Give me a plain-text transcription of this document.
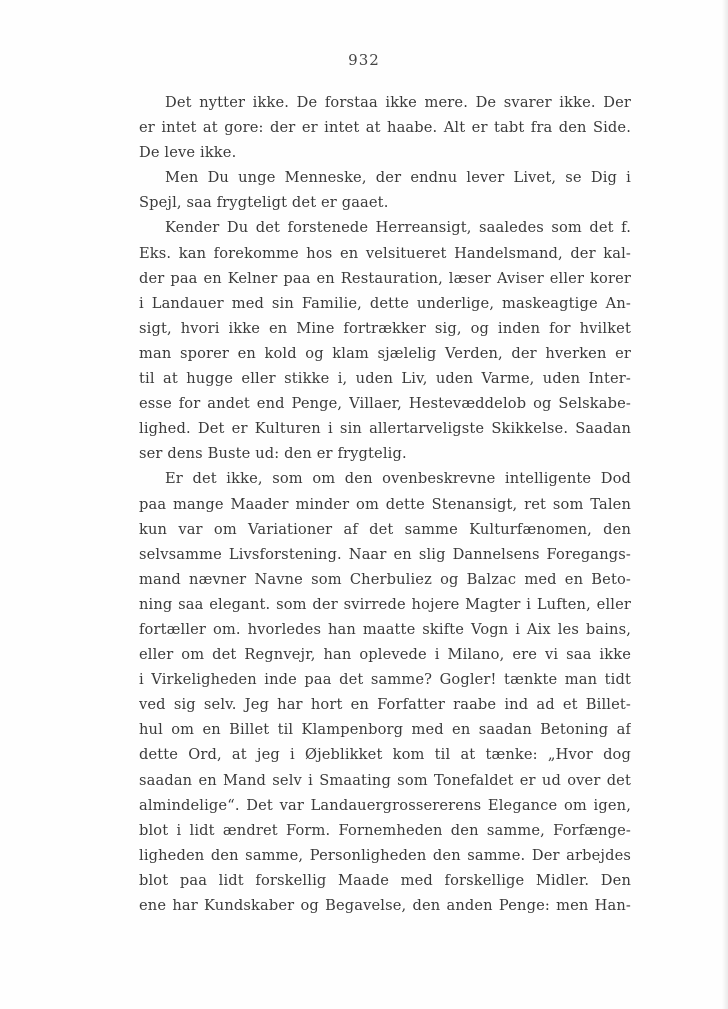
932
Det nytter ikke. De forstaa ikke mere. De svarer ikke. Der
er intet at gore: der er intet at haabe. Alt er tabt fra den Side.
De leve ikke.
Men Du unge Menneske, der endnu lever Livet, se Dig i
Spejl, saa frygteligt det er gaaet.
Kender Du det forstenede Herreansigt, saaledes som det f.
Eks. kan forekomme hos en velsitueret Handelsmand, der kal-
der paa en Kelner paa en Restauration, læser Aviser eller korer
i Landauer med sin Familie, dette underlige, maskeagtige An-
sigt, hvori ikke en Mine fortrækker sig, og inden for hvilket
man sporer en kold og klam sjælelig Verden, der hverken er
til at hugge eller stikke i, uden Liv, uden Varme, uden Inter-
esse for andet end Penge, Villaer, Hestevæddelob og Selskabe-
lighed. Det er Kulturen i sin allertarveligste Skikkelse. Saadan
ser dens Buste ud: den er frygtelig.
Er det ikke, som om den ovenbeskrevne intelligente Dod
paa mange Maader minder om dette Stenansigt, ret som Talen
kun var om Variationer af det samme Kulturfænomen, den
selvsamme Livsforstening. Naar en slig Dannelsens Foregangs-
mand nævner Navne som Cherbuliez og Balzac med en Beto-
ning saa elegant. som der svirrede hojere Magter i Luften, eller
fortæller om. hvorledes han maatte skifte Vogn i Aix les bains,
eller om det Regnvejr, han oplevede i Milano, ere vi saa ikke
i Virkeligheden inde paa det samme? Gogler! tænkte man tidt
ved sig selv. Jeg har hort en Forfatter raabe ind ad et Billet-
hul om en Billet til Klampenborg med en saadan Betoning af
dette Ord, at jeg i Øjeblikket kom til at tænke: „Hvor dog
saadan en Mand selv i Smaating som Tonefaldet er ud over det
almindelige“. Det var Landauergrossererens Elegance om igen,
blot i lidt ændret Form. Fornemheden den samme, Forfænge-
ligheden den samme, Personligheden den samme. Der arbejdes
blot paa lidt forskellig Maade med forskellige Midler. Den
ene har Kundskaber og Begavelse, den anden Penge: men Han-
